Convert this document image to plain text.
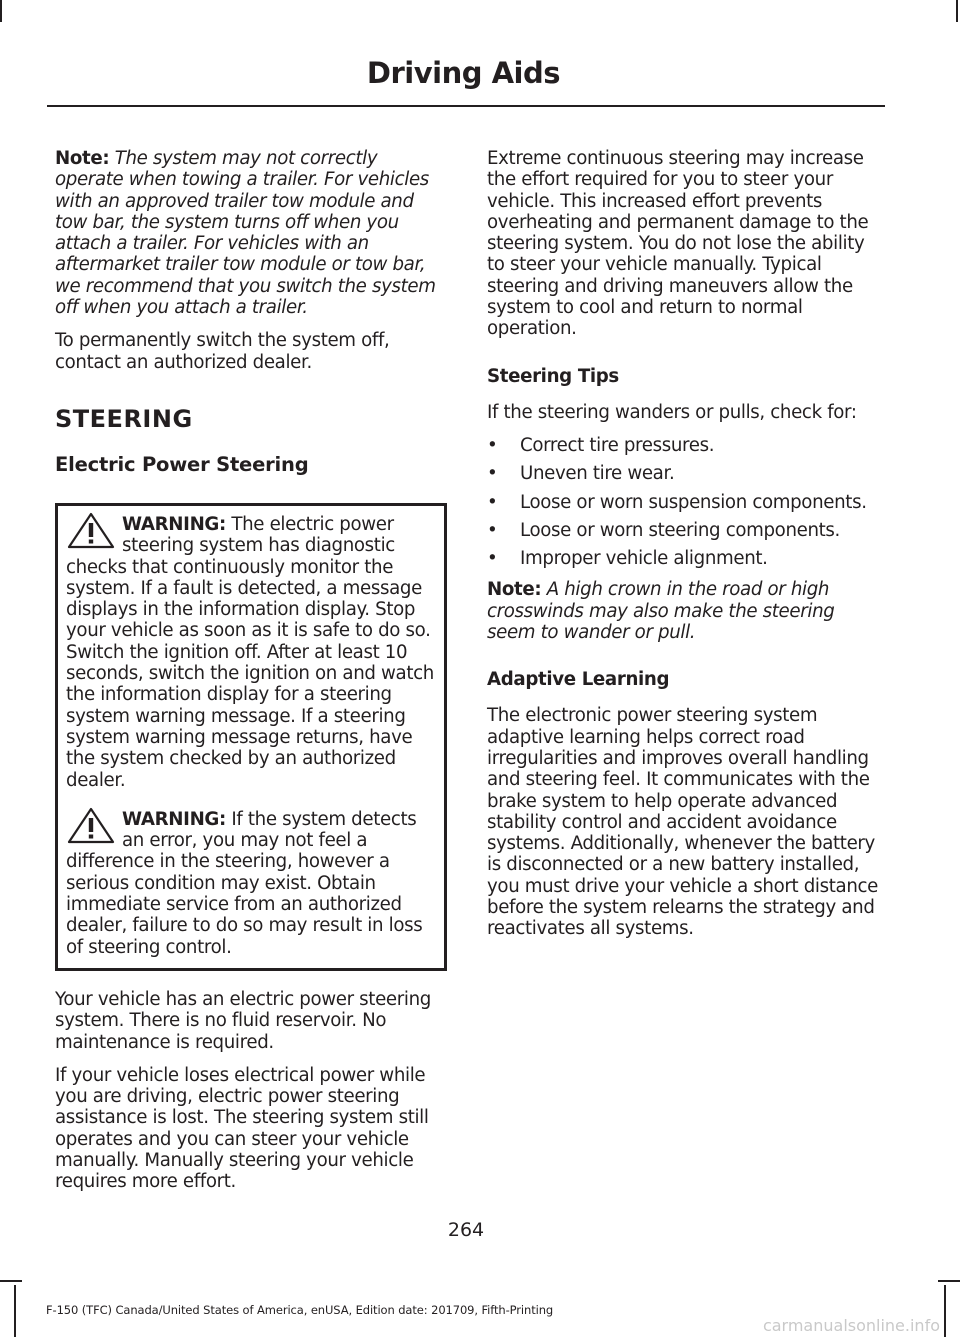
Driving Aids

Note: The system may not correctly operate when towing a trailer. For vehicles with an approved trailer tow module and tow bar, the system turns off when you attach a trailer. For vehicles with an aftermarket trailer tow module or tow bar, we recommend that you switch the system off when you attach a trailer.

To permanently switch the system off, contact an authorized dealer.

STEERING
Electric Power Steering
WARNING: The electric power steering system has diagnostic checks that continuously monitor the system. If a fault is detected, a message displays in the information display. Stop your vehicle as soon as it is safe to do so. Switch the ignition off. After at least 10 seconds, switch the ignition on and watch the information display for a steering system warning message. If a steering system warning message returns, have the system checked by an authorized dealer.
WARNING: If the system detects an error, you may not feel a difference in the steering, however a serious condition may exist. Obtain immediate service from an authorized dealer, failure to do so may result in loss of steering control.

Your vehicle has an electric power steering system. There is no fluid reservoir. No maintenance is required.

If your vehicle loses electrical power while you are driving, electric power steering assistance is lost. The steering system still operates and you can steer your vehicle manually. Manually steering your vehicle requires more effort.

Extreme continuous steering may increase the effort required for you to steer your vehicle. This increased effort prevents overheating and permanent damage to the steering system. You do not lose the ability to steer your vehicle manually. Typical steering and driving maneuvers allow the system to cool and return to normal operation.

Steering Tips

If the steering wanders or pulls, check for:

• Correct tire pressures.
• Uneven tire wear.
• Loose or worn suspension components.
• Loose or worn steering components.
• Improper vehicle alignment.

Note: A high crown in the road or high crosswinds may also make the steering seem to wander or pull.

Adaptive Learning

The electronic power steering system adaptive learning helps correct road irregularities and improves overall handling and steering feel. It communicates with the brake system to help operate advanced stability control and accident avoidance systems. Additionally, whenever the battery is disconnected or a new battery installed, you must drive your vehicle a short distance before the system relearns the strategy and reactivates all systems.

264
F-150 (TFC) Canada/United States of America, enUSA, Edition date: 201709, Fifth-Printing
carmanualsonline.info
